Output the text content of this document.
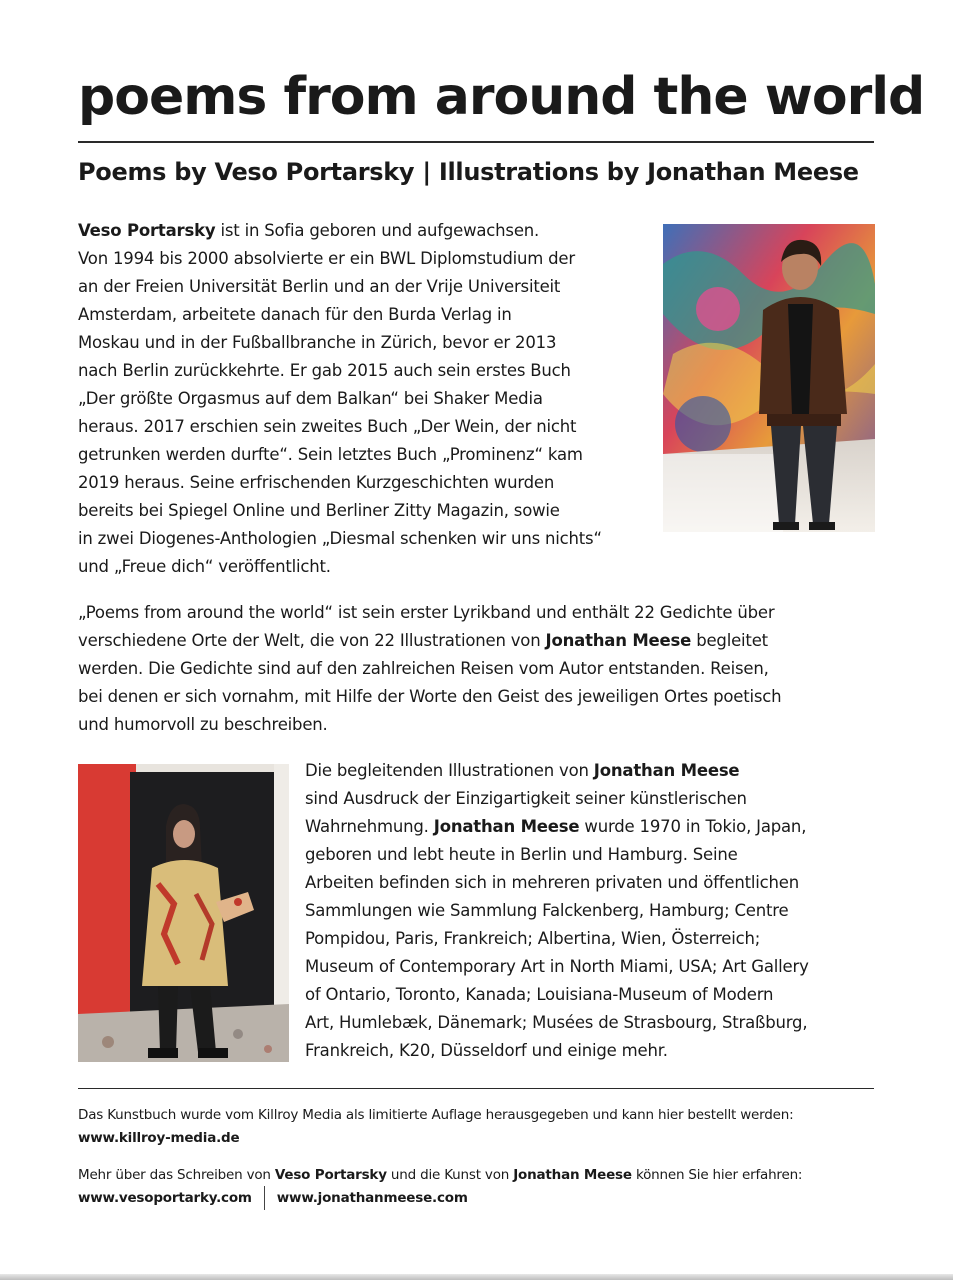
poems from around the world
Poems by Veso Portarsky | Illustrations by Jonathan Meese
Veso Portarsky ist in Sofia geboren und aufgewachsen.
Von 1994 bis 2000 absolvierte er ein BWL Diplomstudium der
an der Freien Universität Berlin und an der Vrije Universiteit
Amsterdam, arbeitete danach für den Burda Verlag in
Moskau und in der Fußballbranche in Zürich, bevor er 2013
nach Berlin zurückkehrte. Er gab 2015 auch sein erstes Buch
„Der größte Orgasmus auf dem Balkan“ bei Shaker Media
heraus. 2017 erschien sein zweites Buch „Der Wein, der nicht
getrunken werden durfte“. Sein letztes Buch „Prominenz“ kam
2019 heraus. Seine erfrischenden Kurzgeschichten wurden
bereits bei Spiegel Online und Berliner Zitty Magazin, sowie
in zwei Diogenes-Anthologien „Diesmal schenken wir uns nichts“
und „Freue dich“ veröffentlicht.
„Poems from around the world“ ist sein erster Lyrikband und enthält 22 Gedichte über
verschiedene Orte der Welt, die von 22 Illustrationen von Jonathan Meese begleitet
werden. Die Gedichte sind auf den zahlreichen Reisen vom Autor entstanden. Reisen,
bei denen er sich vornahm, mit Hilfe der Worte den Geist des jeweiligen Ortes poetisch
und humorvoll zu beschreiben.
Die begleitenden Illustrationen von Jonathan Meese
sind Ausdruck der Einzigartigkeit seiner künstlerischen
Wahrnehmung. Jonathan Meese wurde 1970 in Tokio, Japan,
geboren und lebt heute in Berlin und Hamburg. Seine
Arbeiten befinden sich in mehreren privaten und öffentlichen
Sammlungen wie Sammlung Falckenberg, Hamburg; Centre
Pompidou, Paris, Frankreich; Albertina, Wien, Österreich;
Museum of Contemporary Art in North Miami, USA; Art Gallery
of Ontario, Toronto, Kanada; Louisiana-Museum of Modern
Art, Humlebæk, Dänemark; Musées de Strasbourg, Straßburg,
Frankreich, K20, Düsseldorf und einige mehr.

Das Kunstbuch wurde vom Killroy Media als limitierte Auflage herausgegeben und kann hier bestellt werden:

www.killroy-media.de

Mehr über das Schreiben von Veso Portarsky und die Kunst von Jonathan Meese können Sie hier erfahren:

www.vesoportarky.com www.jonathanmeese.com
